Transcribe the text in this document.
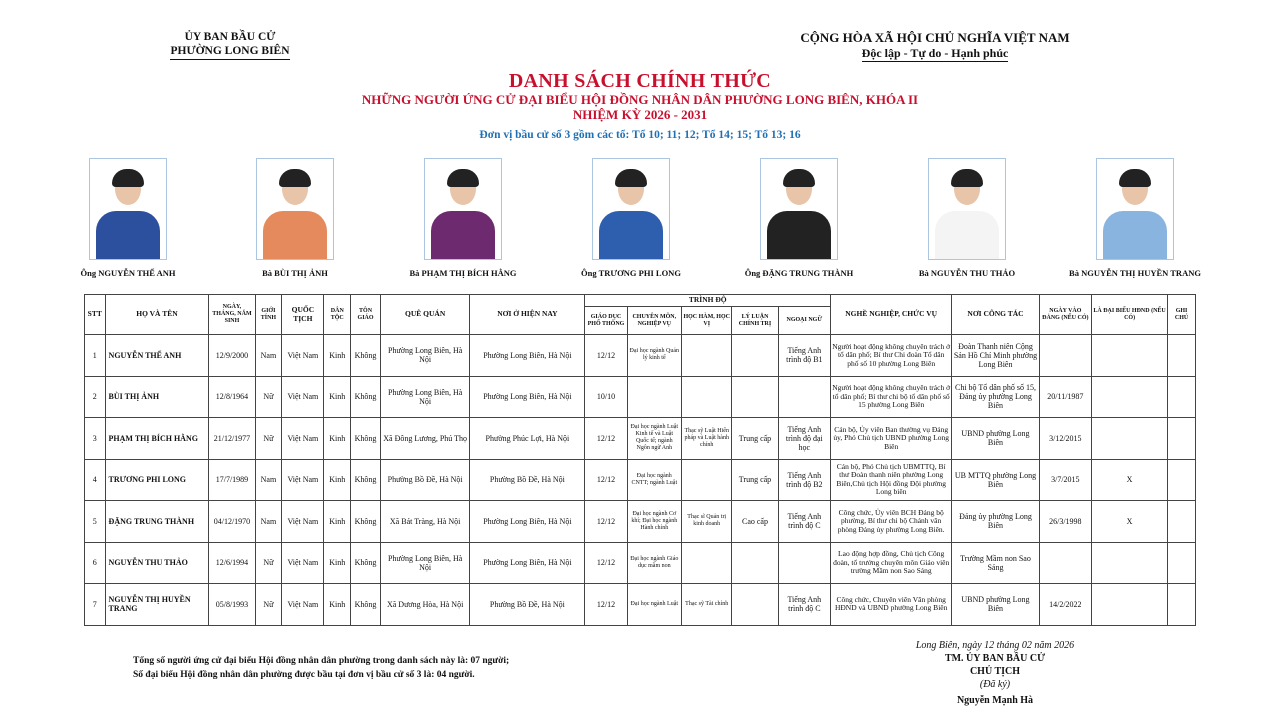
ỦY BAN BẦU CỬ
PHƯỜNG LONG BIÊN
CỘNG HÒA XÃ HỘI CHỦ NGHĨA VIỆT NAM
Độc lập - Tự do - Hạnh phúc
DANH SÁCH CHÍNH THỨC
NHỮNG NGƯỜI ỨNG CỬ ĐẠI BIỂU HỘI ĐỒNG NHÂN DÂN PHƯỜNG LONG BIÊN, KHÓA II
NHIỆM KỲ 2026 - 2031
Đơn vị bầu cử số 3 gồm các tổ: Tổ 10; 11; 12; Tổ 14; 15; Tổ 13; 16
Ông NGUYỄN THẾ ANH	Bà BÙI THỊ ẢNH	Bà PHẠM THỊ BÍCH HẰNG	Ông TRƯƠNG PHI LONG	Ông ĐẶNG TRUNG THÀNH	Bà NGUYỄN THU THẢO	Bà NGUYỄN THỊ HUYỀN TRANG
STT	HỌ VÀ TÊN	NGÀY, THÁNG, NĂM SINH	GIỚI TÍNH	QUỐC TỊCH	DÂN TỘC	TÔN GIÁO	QUÊ QUÁN	NƠI Ở HIỆN NAY	TRÌNH ĐỘ					NGHỀ NGHIỆP, CHỨC VỤ	NƠI CÔNG TÁC	NGÀY VÀO ĐẢNG (NẾU CÓ)	LÀ ĐẠI BIỂU HĐND (NẾU CÓ)	GHI CHÚ
									GIÁO DỤC PHỔ THÔNG	CHUYÊN MÔN, NGHIỆP VỤ	HỌC HÀM, HỌC VỊ	LÝ LUẬN CHÍNH TRỊ	NGOẠI NGỮ					
1	NGUYỄN THẾ ANH	12/9/2000	Nam	Việt Nam	Kinh	Không	Phường Long Biên, Hà Nội	Phường Long Biên, Hà Nội	12/12	Đại học ngành Quản lý kinh tế			Tiếng Anh trình độ B1	Người hoạt động không chuyên trách ở tổ dân phố; Bí thư Chi đoàn Tổ dân phố số 10 phường Long Biên	Đoàn Thanh niên Cộng Sản Hồ Chí Minh phường Long Biên			
2	BÙI THỊ ẢNH	12/8/1964	Nữ	Việt Nam	Kinh	Không	Phường Long Biên, Hà Nội	Phường Long Biên, Hà Nội	10/10					Người hoạt động không chuyên trách ở tổ dân phố; Bí thư chi bộ tổ dân phố số 15 phường Long Biên	Chi bộ Tổ dân phố số 15, Đảng ủy phường Long Biên	20/11/1987		
3	PHẠM THỊ BÍCH HẰNG	21/12/1977	Nữ	Việt Nam	Kinh	Không	Xã Đông Lương, Phú Thọ	Phường Phúc Lợi, Hà Nội	12/12	Đại học ngành Luật Kinh tế và Luật Quốc tế; ngành Ngôn ngữ Anh	Thạc sỹ Luật Hiến pháp và Luật hành chính	Trung cấp	Tiếng Anh trình độ đại học	Cán bộ, Ủy viên Ban thường vụ Đảng ủy, Phó Chủ tịch UBND phường Long Biên	UBND phường Long Biên	3/12/2015		
4	TRƯƠNG PHI LONG	17/7/1989	Nam	Việt Nam	Kinh	Không	Phường Bồ Đề, Hà Nội	Phường Bồ Đề, Hà Nội	12/12	Đại học ngành CNTT; ngành Luật		Trung cấp	Tiếng Anh trình độ B2	Cán bộ, Phó Chủ tịch UBMTTQ, Bí thư Đoàn thanh niên phường Long Biên,Chủ tịch Hội đồng Đội phường Long biên	UB MTTQ phường Long Biên	3/7/2015	X	
5	ĐẶNG TRUNG THÀNH	04/12/1970	Nam	Việt Nam	Kinh	Không	Xã Bát Tràng, Hà Nội	Phường Long Biên, Hà Nội	12/12	Đại học ngành Cơ khí; Đại học ngành Hành chính	Thạc sĩ Quản trị kinh doanh	Cao cấp	Tiếng Anh trình độ C	Công chức, Ủy viên BCH Đảng bộ phường, Bí thư chi bộ Chánh văn phòng Đảng ủy phường Long Biên.	Đảng ủy phường Long Biên	26/3/1998	X	
6	NGUYỄN THU THẢO	12/6/1994	Nữ	Việt Nam	Kinh	Không	Phường Long Biên, Hà Nội	Phường Long Biên, Hà Nội	12/12	Đại học ngành Giáo dục mầm non				Lao động hợp đồng, Chủ tịch Công đoàn, tổ trưởng chuyên môn Giáo viên trường Mầm non Sao Sáng	Trường Mầm non Sao Sáng			
7	NGUYỄN THỊ HUYỀN TRANG	05/8/1993	Nữ	Việt Nam	Kinh	Không	Xã Dương Hòa, Hà Nội	Phường Bồ Đề, Hà Nội	12/12	Đại học ngành Luật	Thạc sỹ Tài chính		Tiếng Anh trình độ C	Công chức, Chuyên viên Văn phòng HĐND và UBND phường Long Biên	UBND phường Long Biên	14/2/2022		
Tổng số người ứng cử đại biểu Hội đồng nhân dân phường trong danh sách này là: 07 người;
Số đại biểu Hội đồng nhân dân phường được bầu tại đơn vị bầu cử số 3 là: 04 người.
Long Biên, ngày 12 tháng 02 năm 2026
TM. ỦY BAN BẦU CỬ
CHỦ TỊCH
(Đã ký)
Nguyễn Mạnh Hà
